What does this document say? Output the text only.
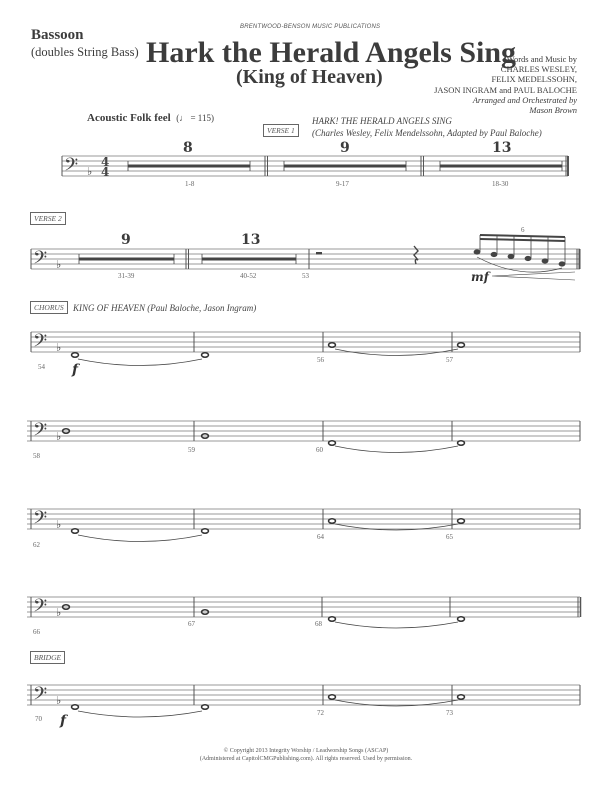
Bassoon
(doubles String Bass)
BRENTWOOD-BENSON MUSIC PUBLICATIONS
Hark the Herald Angels Sing
(King of Heaven)
Words and Music by
CHARLES WESLEY,
FELIX MEDELSSOHN,
JASON INGRAM and PAUL BALOCHE
Arranged and Orchestrated by
Mason Brown
Acoustic Folk feel (♩ = 115)
VERSE 1
HARK! THE HERALD ANGELS SING
(Charles Wesley, Felix Mendelssohn, Adapted by Paul Baloche)
VERSE 2
CHORUS	KING OF HEAVEN (Paul Baloche, Jason Ingram)
BRIDGE
𝄢
𝄢
𝄢
𝄢
𝄢
𝄢
𝄢
♭
♭
♭
♭
♭
♭
♭
4
4
8
1-8
9
9-17
13
18-30
9
31-39
13
40-52	53
6
mf
54
56	57
f
58
59	60
62
64	65
66
67	68
70
72	73
f
© Copyright 2013 Integrity Worship / Leadworship Songs (ASCAP)
(Administered at CapitolCMGPublishing.com). All rights reserved. Used by permission.
